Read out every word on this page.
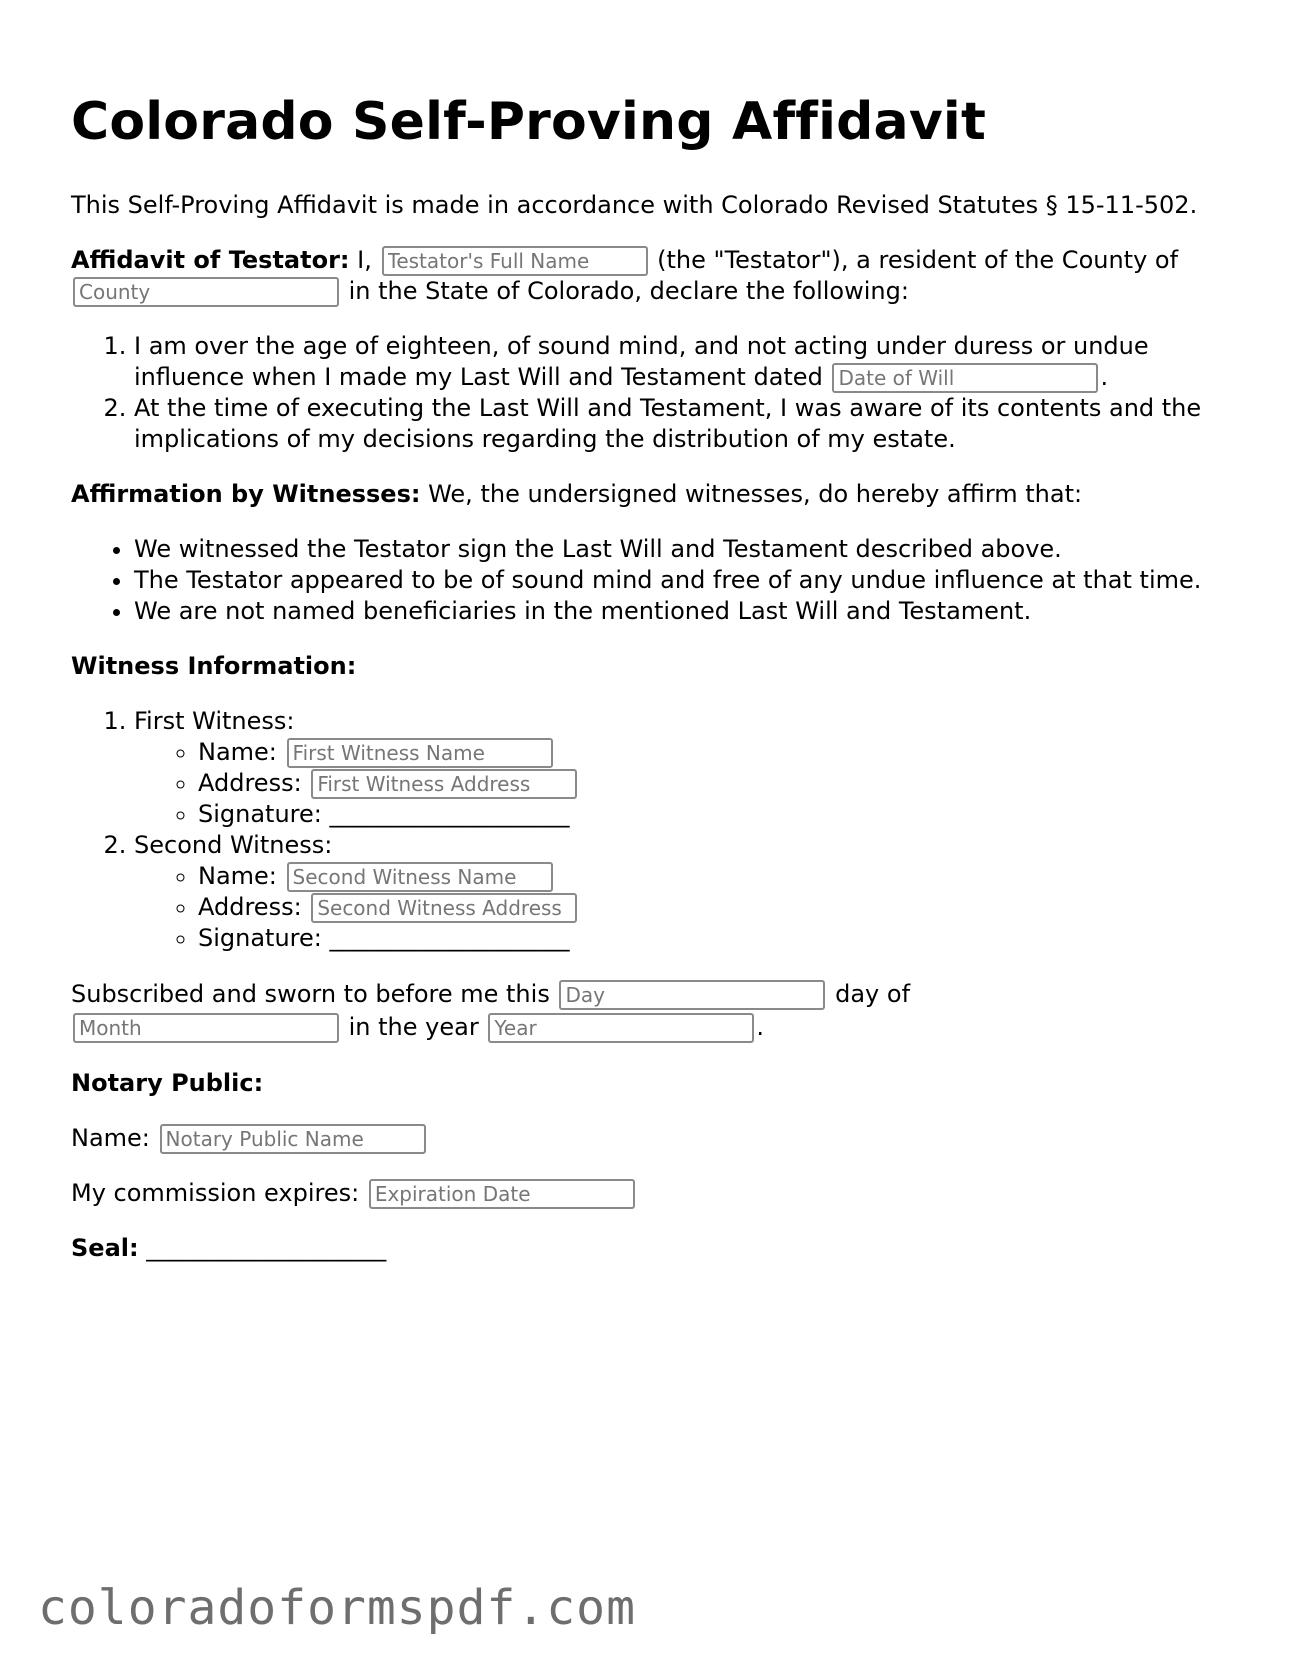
Colorado Self-Proving Affidavit

This Self-Proving Affidavit is made in accordance with Colorado Revised Statutes § 15-11-502.

Affidavit of Testator: I, Testator's Full Name	(the "Testator"), a resident of the County of County in the State of Colorado, declare the following:

1. I am over the age of eighteen, of sound mind, and not acting under duress or undue influence when I made my Last Will and Testament dated Date of Will	.
2. At the time of executing the Last Will and Testament, I was aware of its contents and the implications of my decisions regarding the distribution of my estate.

Affirmation by Witnesses: We, the undersigned witnesses, do hereby affirm that:

• We witnessed the Testator sign the Last Will and Testament described above.
• The Testator appeared to be of sound mind and free of any undue influence at that time.
• We are not named beneficiaries in the mentioned Last Will and Testament.

Witness Information:

1. First Witness:
◦ Name: First Witness Name
◦ Address: First Witness Address
◦ Signature: ____________________
2. Second Witness:
◦ Name: Second Witness Name
◦ Address: Second Witness Address
◦ Signature: ____________________

Subscribed and sworn to before me this Day	day of Month in the year Year	.

Notary Public:

Name: Notary Public Name

My commission expires: Expiration Date

Seal: ____________________

coloradoformspdf.com
